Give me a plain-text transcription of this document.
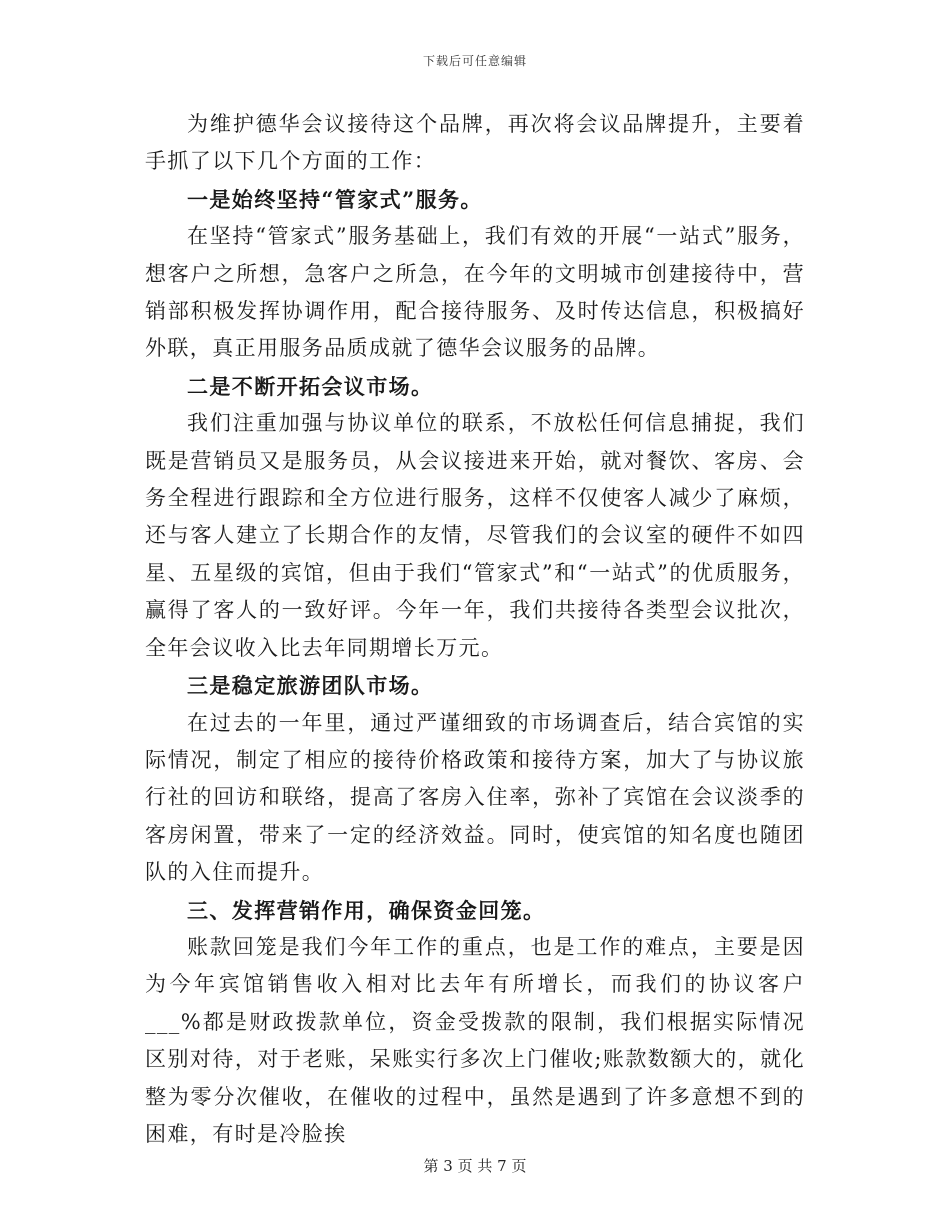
下载后可任意编辑

为维护德华会议接待这个品牌，再次将会议品牌提升，主要着手抓了以下几个方面的工作：

一是始终坚持“管家式”服务。

在坚持“管家式”服务基础上，我们有效的开展“一站式”服务，想客户之所想，急客户之所急，在今年的文明城市创建接待中，营销部积极发挥协调作用，配合接待服务、及时传达信息，积极搞好外联，真正用服务品质成就了德华会议服务的品牌。

二是不断开拓会议市场。

我们注重加强与协议单位的联系，不放松任何信息捕捉，我们既是营销员又是服务员，从会议接进来开始，就对餐饮、客房、会务全程进行跟踪和全方位进行服务，这样不仅使客人减少了麻烦，还与客人建立了长期合作的友情，尽管我们的会议室的硬件不如四星、五星级的宾馆，但由于我们“管家式”和“一站式”的优质服务，赢得了客人的一致好评。今年一年，我们共接待各类型会议批次，全年会议收入比去年同期增长万元。

三是稳定旅游团队市场。

在过去的一年里，通过严谨细致的市场调查后，结合宾馆的实际情况，制定了相应的接待价格政策和接待方案，加大了与协议旅行社的回访和联络，提高了客房入住率，弥补了宾馆在会议淡季的客房闲置，带来了一定的经济效益。同时，使宾馆的知名度也随团队的入住而提升。

三、发挥营销作用，确保资金回笼。

账款回笼是我们今年工作的重点，也是工作的难点，主要是因为今年宾馆销售收入相对比去年有所增长，而我们的协议客户___%都是财政拨款单位，资金受拨款的限制，我们根据实际情况区别对待，对于老账，呆账实行多次上门催收;账款数额大的，就化整为零分次催收，在催收的过程中，虽然是遇到了许多意想不到的困难，有时是冷脸挨

第 3 页 共 7 页
